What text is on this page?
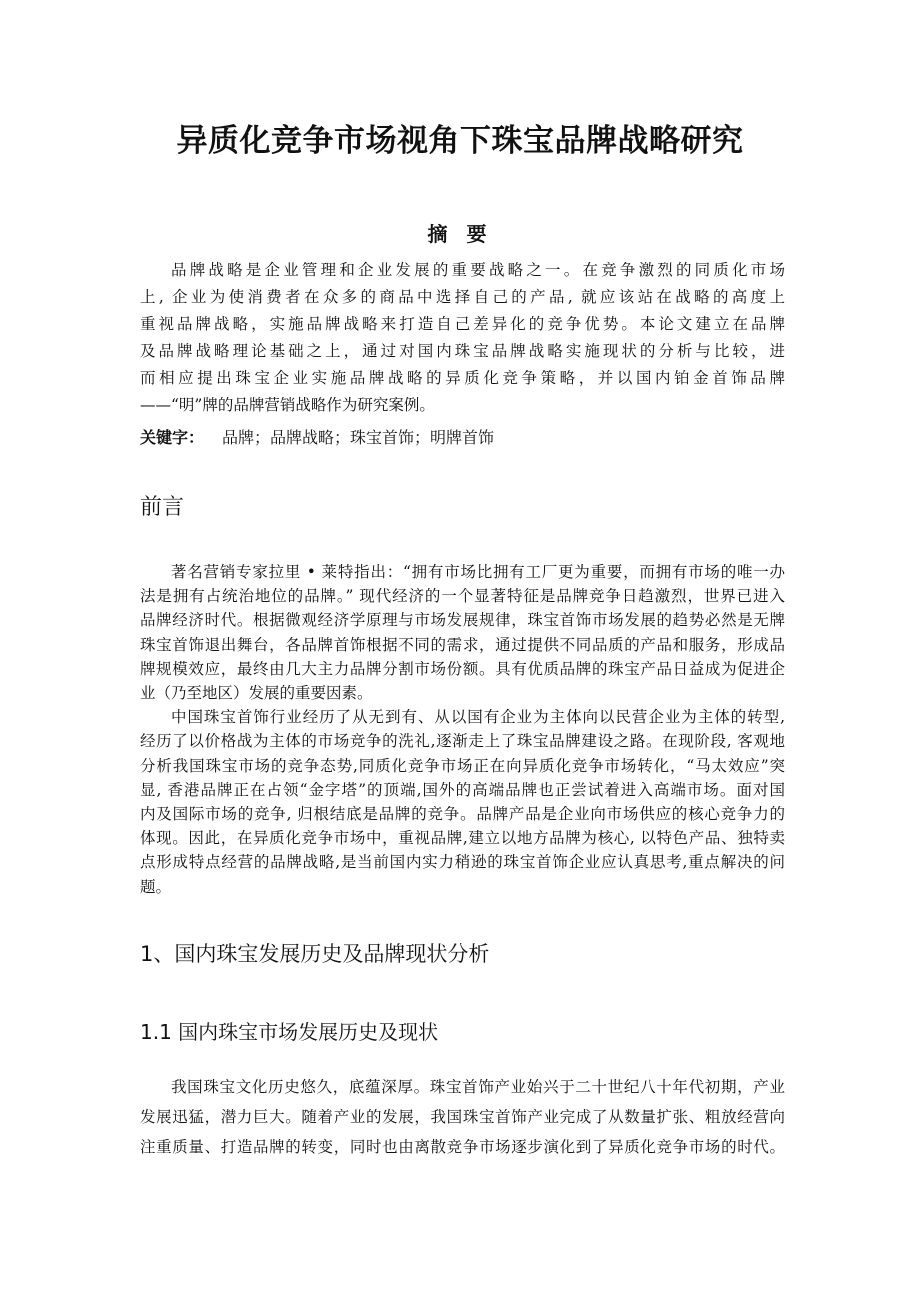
异质化竞争市场视角下珠宝品牌战略研究
摘 要
品牌战略是企业管理和企业发展的重要战略之一。在竞争激烈的同质化市场
上, 企业为使消费者在众多的商品中选择自己的产品, 就应该站在战略的高度上
重视品牌战略，实施品牌战略来打造自己差异化的竞争优势。本论文建立在品牌
及品牌战略理论基础之上，通过对国内珠宝品牌战略实施现状的分析与比较，进
而相应提出珠宝企业实施品牌战略的异质化竞争策略，并以国内铂金首饰品牌
——“明”牌的品牌营销战略作为研究案例。
关键字： 品牌；品牌战略；珠宝首饰；明牌首饰
前言
著名营销专家拉里 • 莱特指出：“拥有市场比拥有工厂更为重要，而拥有市场的唯一办
法是拥有占统治地位的品牌。” 现代经济的一个显著特征是品牌竞争日趋激烈，世界已进入
品牌经济时代。根据微观经济学原理与市场发展规律，珠宝首饰市场发展的趋势必然是无牌
珠宝首饰退出舞台，各品牌首饰根据不同的需求，通过提供不同品质的产品和服务，形成品
牌规模效应，最终由几大主力品牌分割市场份额。具有优质品牌的珠宝产品日益成为促进企
业（乃至地区）发展的重要因素。
中国珠宝首饰行业经历了从无到有、从以国有企业为主体向以民营企业为主体的转型,
经历了以价格战为主体的市场竞争的洗礼,逐渐走上了珠宝品牌建设之路。在现阶段, 客观地
分析我国珠宝市场的竞争态势,同质化竞争市场正在向异质化竞争市场转化，“马太效应”突
显, 香港品牌正在占领“金字塔”的顶端,国外的高端品牌也正尝试着进入高端市场。面对国
内及国际市场的竞争, 归根结底是品牌的竞争。品牌产品是企业向市场供应的核心竞争力的
体现。因此，在异质化竞争市场中，重视品牌,建立以地方品牌为核心, 以特色产品、独特卖
点形成特点经营的品牌战略,是当前国内实力稍逊的珠宝首饰企业应认真思考,重点解决的问
题。
1、国内珠宝发展历史及品牌现状分析
1.1 国内珠宝市场发展历史及现状
我国珠宝文化历史悠久，底蕴深厚。珠宝首饰产业始兴于二十世纪八十年代初期，产业
发展迅猛，潜力巨大。随着产业的发展，我国珠宝首饰产业完成了从数量扩张、粗放经营向
注重质量、打造品牌的转变，同时也由离散竞争市场逐步演化到了异质化竞争市场的时代。
